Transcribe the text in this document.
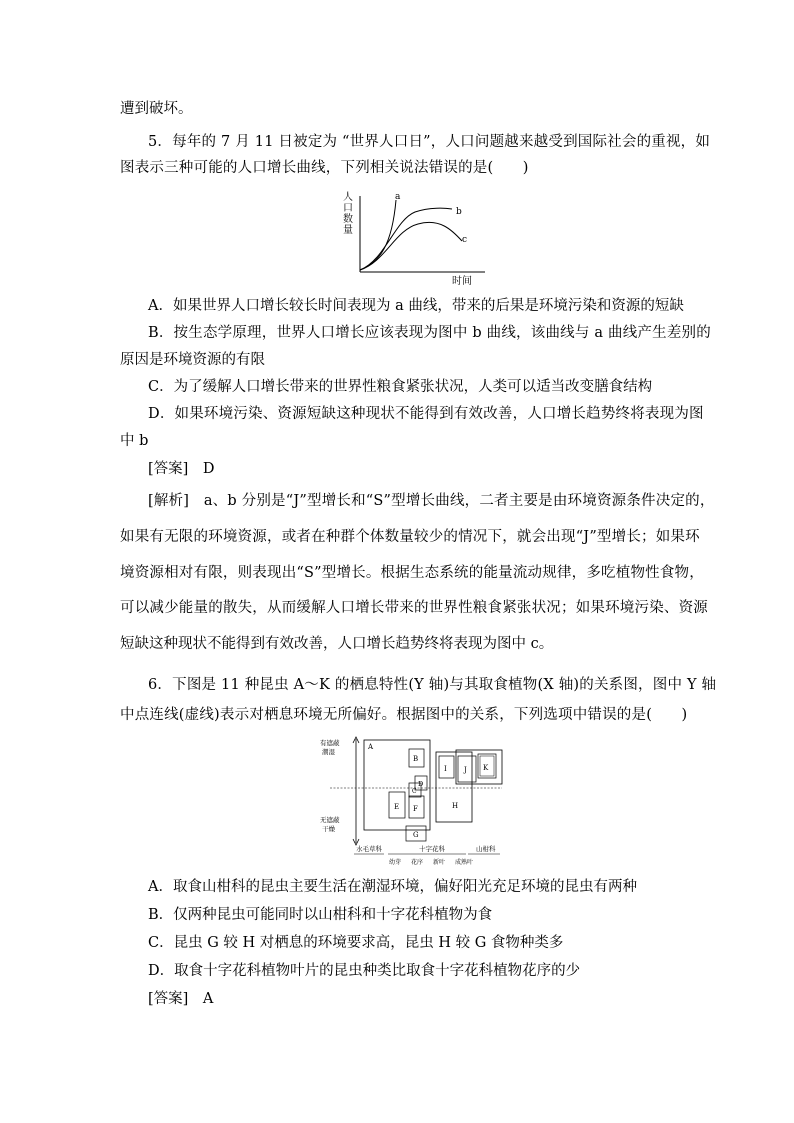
遭到破坏。
5．每年的 7 月 11 日被定为 “世界人口日”，人口问题越来越受到国际社会的重视，如
图表示三种可能的人口增长曲线，下列相关说法错误的是(　　)
人
口
数
量
时间
a
b
c
A．如果世界人口增长较长时间表现为 a 曲线，带来的后果是环境污染和资源的短缺
B．按生态学原理，世界人口增长应该表现为图中 b 曲线，该曲线与 a 曲线产生差别的
原因是环境资源的有限
C．为了缓解人口增长带来的世界性粮食紧张状况，人类可以适当改变膳食结构
D．如果环境污染、资源短缺这种现状不能得到有效改善，人口增长趋势终将表现为图
中 b
[答案]　D
[解析]　a、b 分别是“J”型增长和“S”型增长曲线，二者主要是由环境资源条件决定的，
如果有无限的环境资源，或者在种群个体数量较少的情况下，就会出现“J”型增长；如果环
境资源相对有限，则表现出“S”型增长。根据生态系统的能量流动规律，多吃植物性食物，
可以减少能量的散失，从而缓解人口增长带来的世界性粮食紧张状况；如果环境污染、资源
短缺这种现状不能得到有效改善，人口增长趋势终将表现为图中 c。
6．下图是 11 种昆虫 A～K 的栖息特性(Y 轴)与其取食植物(X 轴)的关系图，图中 Y 轴
中点连线(虚线)表示对栖息环境无所偏好。根据图中的关系，下列选项中错误的是(　　)
有遮蔽
潮湿
无遮蔽
干燥
A
B
C
D
E F
G
H
I J K
水毛草科	十字花科	山柑科
幼芽 花序 新叶 成熟叶
A．取食山柑科的昆虫主要生活在潮湿环境，偏好阳光充足环境的昆虫有两种
B．仅两种昆虫可能同时以山柑科和十字花科植物为食
C．昆虫 G 较 H 对栖息的环境要求高，昆虫 H 较 G 食物种类多
D．取食十字花科植物叶片的昆虫种类比取食十字花科植物花序的少
[答案]　A
